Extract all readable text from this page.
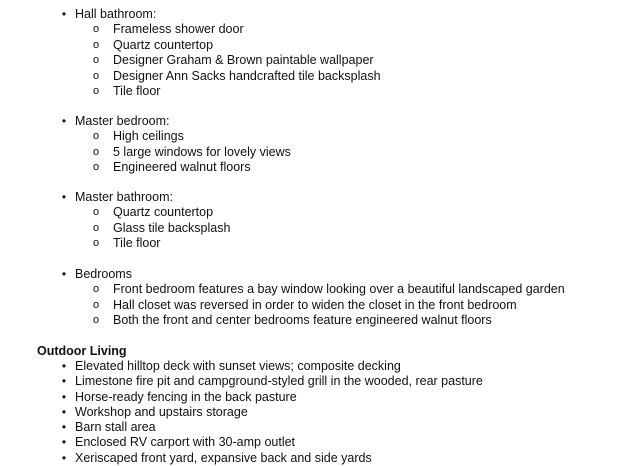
• Hall bathroom:
o Frameless shower door
o Quartz countertop
o Designer Graham & Brown paintable wallpaper
o Designer Ann Sacks handcrafted tile backsplash
o Tile floor
• Master bedroom:
o High ceilings
o 5 large windows for lovely views
o Engineered walnut floors
• Master bathroom:
o Quartz countertop
o Glass tile backsplash
o Tile floor
• Bedrooms
o Front bedroom features a bay window looking over a beautiful landscaped garden
o Hall closet was reversed in order to widen the closet in the front bedroom
o Both the front and center bedrooms feature engineered walnut floors
Outdoor Living
• Elevated hilltop deck with sunset views; composite decking
• Limestone fire pit and campground-styled grill in the wooded, rear pasture
• Horse-ready fencing in the back pasture
• Workshop and upstairs storage
• Barn stall area
• Enclosed RV carport with 30-amp outlet
• Xeriscaped front yard, expansive back and side yards
